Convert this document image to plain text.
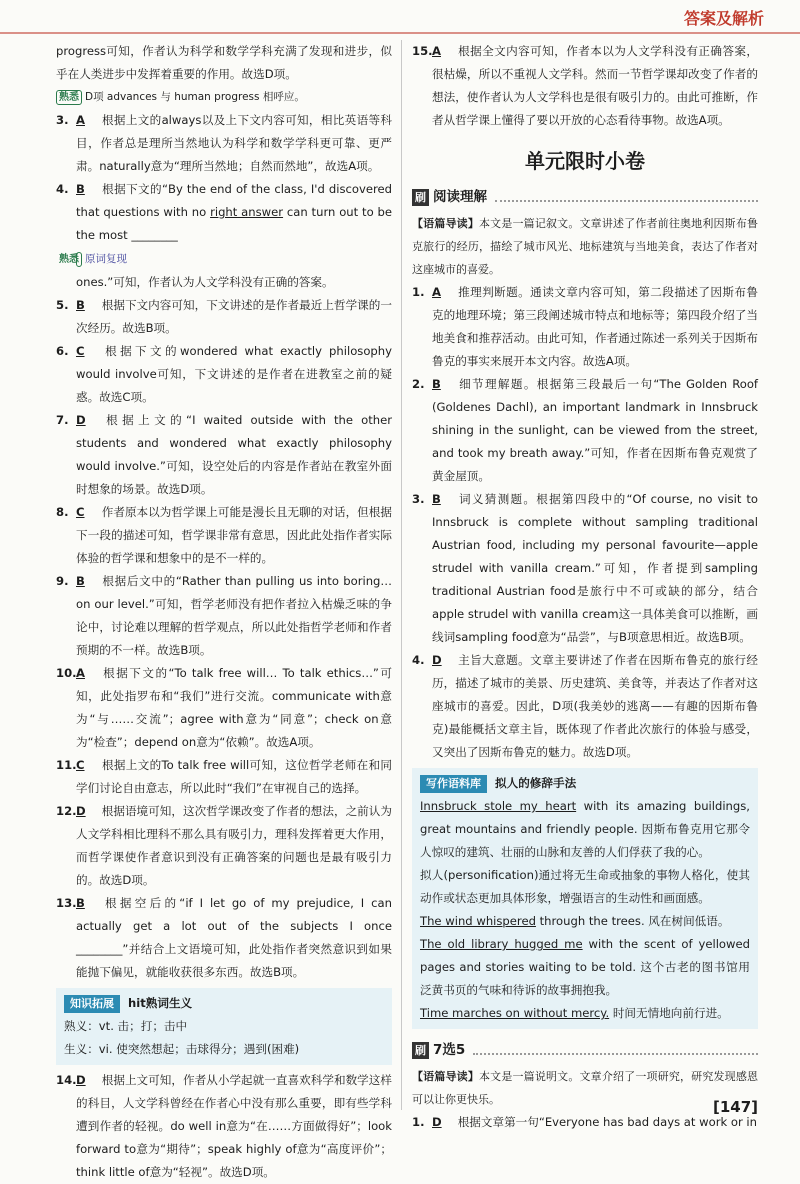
答案及解析
progress可知，作者认为科学和数学学科充满了发现和进步，似乎在人类进步中发挥着重要的作用。故选D项。
熟悉 D项 advances 与 human progress 相呼应。
3. A 根据上文的always以及上下文内容可知，相比英语等科目，作者总是理所当然地认为科学和数学学科更可靠、更严肃。naturally意为“理所当然地；自然而然地”，故选A项。
4. B 根据下文的“By the end of the class, I'd discovered that questions with no right answer can turn out to be the most ________
熟悉 原词复现
ones.”可知，作者认为人文学科没有正确的答案。
5. B 根据下文内容可知，下文讲述的是作者最近上哲学课的一次经历。故选B项。
6. C 根据下文的wondered what exactly philosophy would involve可知，下文讲述的是作者在进教室之前的疑惑。故选C项。
7. D 根据上文的“I waited outside with the other students and wondered what exactly philosophy would involve.”可知，设空处后的内容是作者站在教室外面时想象的场景。故选D项。
8. C 作者原本以为哲学课上可能是漫长且无聊的对话，但根据下一段的描述可知，哲学课非常有意思，因此此处指作者实际体验的哲学课和想象中的是不一样的。
9. B 根据后文中的“Rather than pulling us into boring… on our level.”可知，哲学老师没有把作者拉入枯燥乏味的争论中，讨论难以理解的哲学观点，所以此处指哲学老师和作者预期的不一样。故选B项。
10.A 根据下文的“To talk free will… To talk ethics…”可知，此处指罗布和“我们”进行交流。communicate with意为“与……交流”；agree with意为“同意”；check on意为“检查”；depend on意为“依赖”。故选A项。
11.C 根据上文的To talk free will可知，这位哲学老师在和同学们讨论自由意志，所以此时“我们”在审视自己的选择。
12.D 根据语境可知，这次哲学课改变了作者的想法，之前认为人文学科相比理科不那么具有吸引力，理科发挥着更大作用，而哲学课使作者意识到没有正确答案的问题也是最有吸引力的。故选D项。
13.B 根据空后的“if I let go of my prejudice, I can actually get a lot out of the subjects I once ________”并结合上文语境可知，此处指作者突然意识到如果能抛下偏见，就能收获很多东西。故选B项。
知识拓展 hit熟词生义
熟义：vt. 击；打；击中
生义：vi. 使突然想起；击球得分；遇到(困难)
14.D 根据上文可知，作者从小学起就一直喜欢科学和数学这样的科目，人文学科曾经在作者心中没有那么重要，即有些学科遭到作者的轻视。do well in意为“在……方面做得好”；look forward to意为“期待”；speak highly of意为“高度评价”；think little of意为“轻视”。故选D项。
15.A 根据全文内容可知，作者本以为人文学科没有正确答案，很枯燥，所以不重视人文学科。然而一节哲学课却改变了作者的想法，使作者认为人文学科也是很有吸引力的。由此可推断，作者从哲学课上懂得了要以开放的心态看待事物。故选A项。
单元限时小卷
刷 阅读理解
【语篇导读】本文是一篇记叙文。文章讲述了作者前往奥地利因斯布鲁克旅行的经历，描绘了城市风光、地标建筑与当地美食，表达了作者对这座城市的喜爱。
1. A 推理判断题。通读文章内容可知，第二段描述了因斯布鲁克的地理环境；第三段阐述城市特点和地标等；第四段介绍了当地美食和推荐活动。由此可知，作者通过陈述一系列关于因斯布鲁克的事实来展开本文内容。故选A项。
2. B 细节理解题。根据第三段最后一句“The Golden Roof (Goldenes Dachl), an important landmark in Innsbruck shining in the sunlight, can be viewed from the street, and took my breath away.”可知，作者在因斯布鲁克观赏了黄金屋顶。
3. B 词义猜测题。根据第四段中的“Of course, no visit to Innsbruck is complete without sampling traditional Austrian food, including my personal favourite—apple strudel with vanilla cream.”可知，作者提到sampling traditional Austrian food是旅行中不可或缺的部分，结合apple strudel with vanilla cream这一具体美食可以推断，画线词sampling food意为“品尝”，与B项意思相近。故选B项。
4. D 主旨大意题。文章主要讲述了作者在因斯布鲁克的旅行经历，描述了城市的美景、历史建筑、美食等，并表达了作者对这座城市的喜爱。因此，D项(我美妙的逃离——有趣的因斯布鲁克)最能概括文章主旨，既体现了作者此次旅行的体验与感受，又突出了因斯布鲁克的魅力。故选D项。
写作语料库 拟人的修辞手法
Innsbruck stole my heart with its amazing buildings, great mountains and friendly people. 因斯布鲁克用它那令人惊叹的建筑、壮丽的山脉和友善的人们俘获了我的心。
拟人(personification)通过将无生命或抽象的事物人格化，使其动作或状态更加具体形象，增强语言的生动性和画面感。
The wind whispered through the trees. 风在树间低语。
The old library hugged me with the scent of yellowed pages and stories waiting to be told. 这个古老的图书馆用泛黄书页的气味和待诉的故事拥抱我。
Time marches on without mercy. 时间无情地向前行进。
刷 7选5
【语篇导读】本文是一篇说明文。文章介绍了一项研究，研究发现感恩可以让你更快乐。
1. D 根据文章第一句“Everyone has bad days at work or in
[147]
